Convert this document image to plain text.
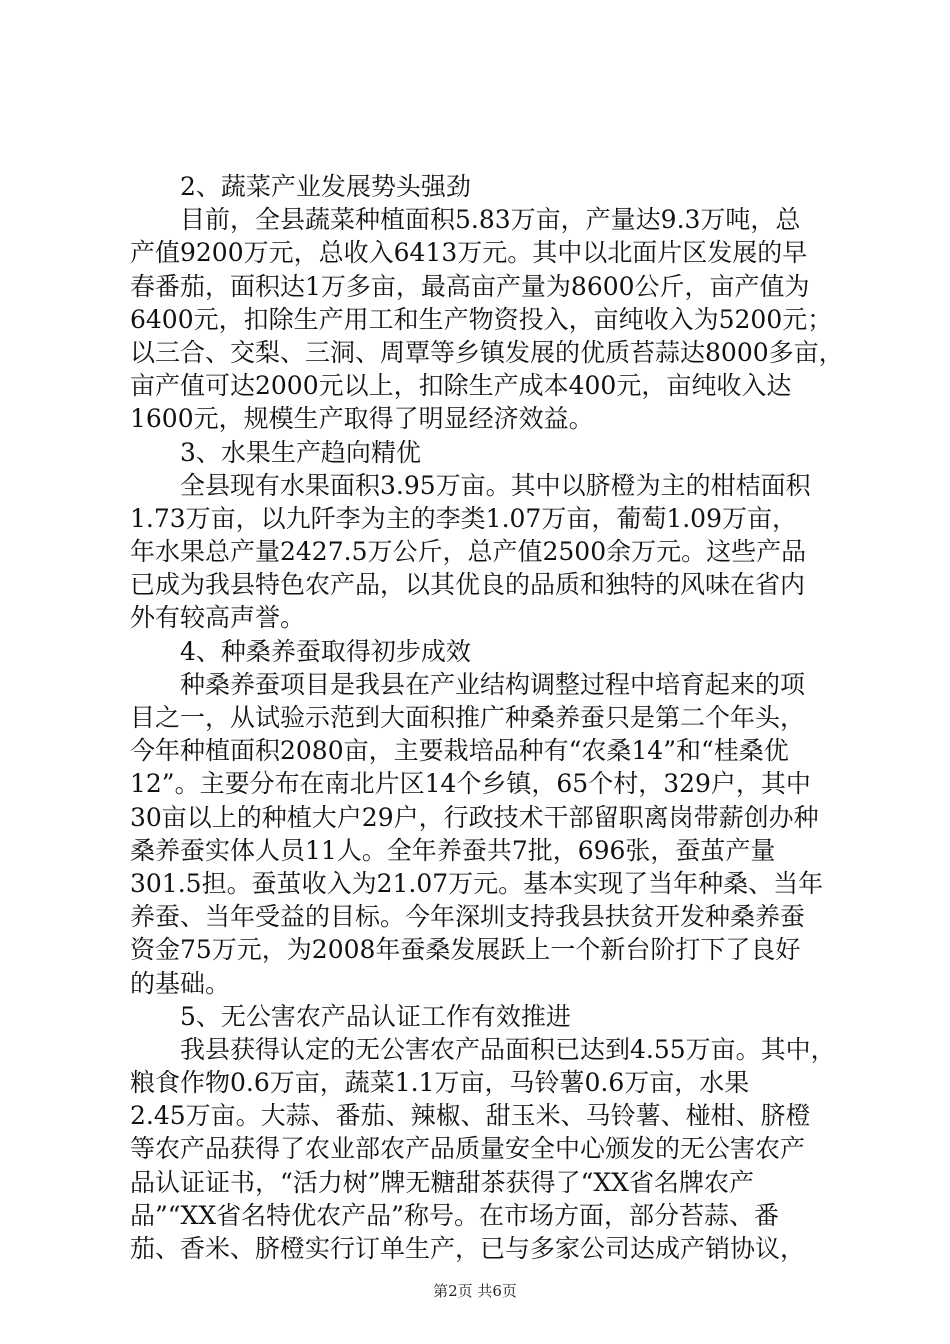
　　2、蔬菜产业发展势头强劲
　　目前，全县蔬菜种植面积5.83万亩，产量达9.3万吨，总
产值9200万元，总收入6413万元。其中以北面片区发展的早
春番茄，面积达1万多亩，最高亩产量为8600公斤，亩产值为
6400元，扣除生产用工和生产物资投入，亩纯收入为5200元；
以三合、交梨、三洞、周覃等乡镇发展的优质苔蒜达8000多亩，
亩产值可达2000元以上，扣除生产成本400元，亩纯收入达
1600元，规模生产取得了明显经济效益。
　　3、水果生产趋向精优
　　全县现有水果面积3.95万亩。其中以脐橙为主的柑桔面积
1.73万亩，以九阡李为主的李类1.07万亩，葡萄1.09万亩，
年水果总产量2427.5万公斤，总产值2500余万元。这些产品
已成为我县特色农产品，以其优良的品质和独特的风味在省内
外有较高声誉。
　　4、种桑养蚕取得初步成效
　　种桑养蚕项目是我县在产业结构调整过程中培育起来的项
目之一，从试验示范到大面积推广种桑养蚕只是第二个年头，
今年种植面积2080亩，主要栽培品种有“农桑14”和“桂桑优
12”。主要分布在南北片区14个乡镇，65个村，329户，其中
30亩以上的种植大户29户，行政技术干部留职离岗带薪创办种
桑养蚕实体人员11人。全年养蚕共7批，696张，蚕茧产量
301.5担。蚕茧收入为21.07万元。基本实现了当年种桑、当年
养蚕、当年受益的目标。今年深圳支持我县扶贫开发种桑养蚕
资金75万元，为2008年蚕桑发展跃上一个新台阶打下了良好
的基础。
　　5、无公害农产品认证工作有效推进
　　我县获得认定的无公害农产品面积已达到4.55万亩。其中，
粮食作物0.6万亩，蔬菜1.1万亩，马铃薯0.6万亩，水果
2.45万亩。大蒜、番茄、辣椒、甜玉米、马铃薯、椪柑、脐橙
等农产品获得了农业部农产品质量安全中心颁发的无公害农产
品认证证书，“活力树”牌无糖甜茶获得了“XX省名牌农产
品”“XX省名特优农产品”称号。在市场方面，部分苔蒜、番
茄、香米、脐橙实行订单生产，已与多家公司达成产销协议，
第2页 共6页
